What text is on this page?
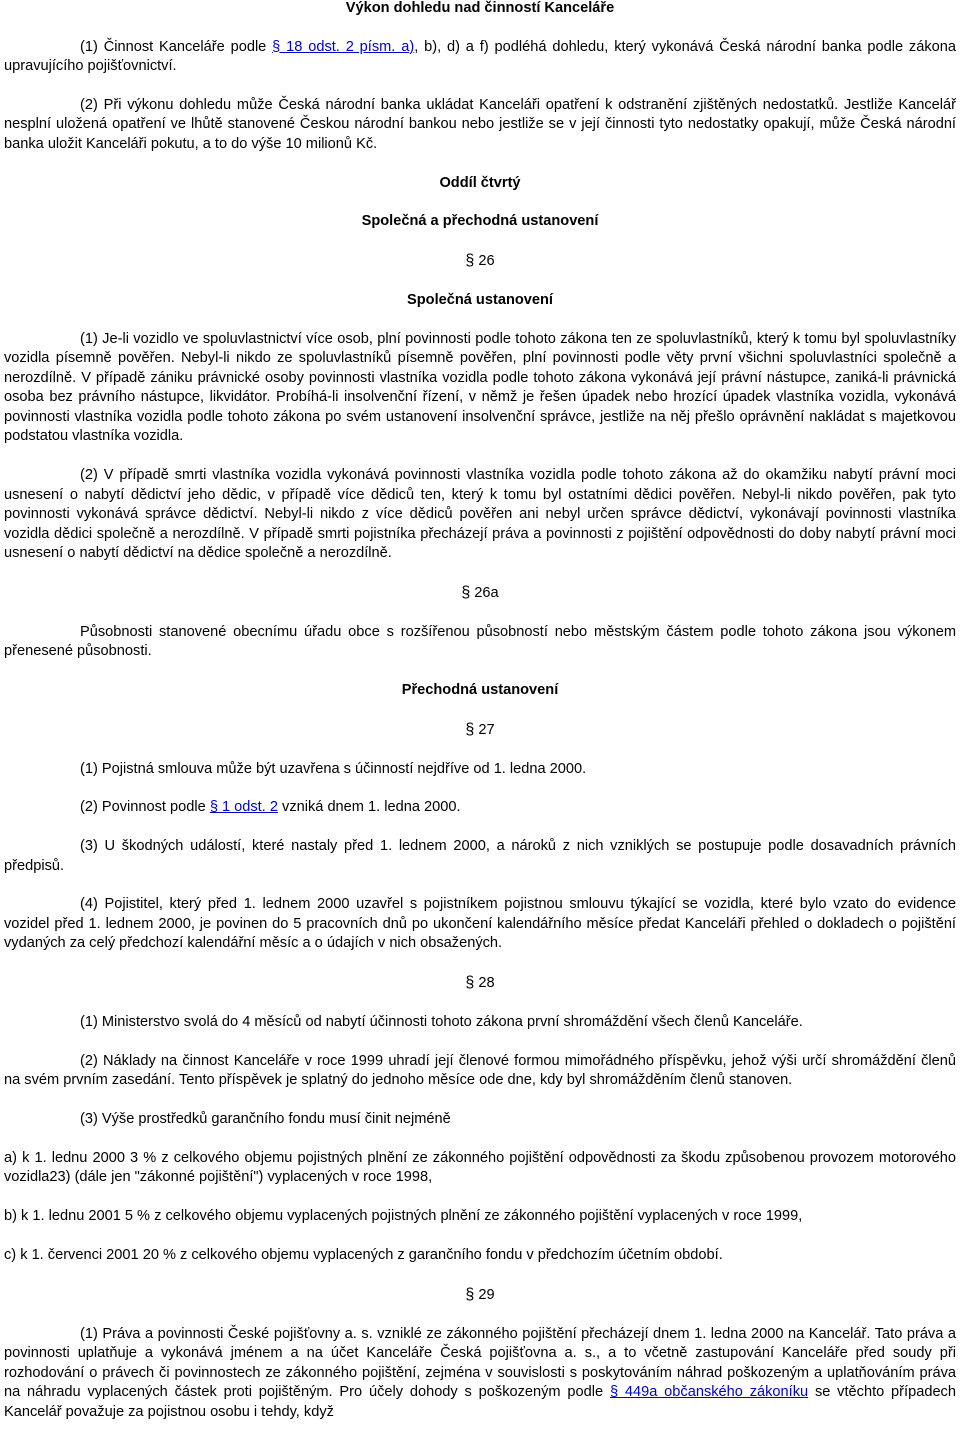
Výkon dohledu nad činností Kanceláře

(1) Činnost Kanceláře podle § 18 odst. 2 písm. a), b), d) a f) podléhá dohledu, který vykonává Česká národní banka podle zákona upravujícího pojišťovnictví.

(2) Při výkonu dohledu může Česká národní banka ukládat Kanceláři opatření k odstranění zjištěných nedostatků. Jestliže Kancelář nesplní uložená opatření ve lhůtě stanovené Českou národní bankou nebo jestliže se v její činnosti tyto nedostatky opakují, může Česká národní banka uložit Kanceláři pokutu, a to do výše 10 milionů Kč.

Oddíl čtvrtý

Společná a přechodná ustanovení

§ 26

Společná ustanovení

(1) Je-li vozidlo ve spoluvlastnictví více osob, plní povinnosti podle tohoto zákona ten ze spoluvlastníků, který k tomu byl spoluvlastníky vozidla písemně pověřen. Nebyl-li nikdo ze spoluvlastníků písemně pověřen, plní povinnosti podle věty první všichni spoluvlastníci společně a nerozdílně. V případě zániku právnické osoby povinnosti vlastníka vozidla podle tohoto zákona vykonává její právní nástupce, zaniká-li právnická osoba bez právního nástupce, likvidátor. Probíhá-li insolvenční řízení, v němž je řešen úpadek nebo hrozící úpadek vlastníka vozidla, vykonává povinnosti vlastníka vozidla podle tohoto zákona po svém ustanovení insolvenční správce, jestliže na něj přešlo oprávnění nakládat s majetkovou podstatou vlastníka vozidla.

(2) V případě smrti vlastníka vozidla vykonává povinnosti vlastníka vozidla podle tohoto zákona až do okamžiku nabytí právní moci usnesení o nabytí dědictví jeho dědic, v případě více dědiců ten, který k tomu byl ostatními dědici pověřen. Nebyl-li nikdo pověřen, pak tyto povinnosti vykonává správce dědictví. Nebyl-li nikdo z více dědiců pověřen ani nebyl určen správce dědictví, vykonávají povinnosti vlastníka vozidla dědici společně a nerozdílně. V případě smrti pojistníka přecházejí práva a povinnosti z pojištění odpovědnosti do doby nabytí právní moci usnesení o nabytí dědictví na dědice společně a nerozdílně.

§ 26a

Působnosti stanovené obecnímu úřadu obce s rozšířenou působností nebo městským částem podle tohoto zákona jsou výkonem přenesené působnosti.

Přechodná ustanovení

§ 27

(1) Pojistná smlouva může být uzavřena s účinností nejdříve od 1. ledna 2000.

(2) Povinnost podle § 1 odst. 2 vzniká dnem 1. ledna 2000.

(3) U škodných událostí, které nastaly před 1. lednem 2000, a nároků z nich vzniklých se postupuje podle dosavadních právních předpisů.

(4) Pojistitel, který před 1. lednem 2000 uzavřel s pojistníkem pojistnou smlouvu týkající se vozidla, které bylo vzato do evidence vozidel před 1. lednem 2000, je povinen do 5 pracovních dnů po ukončení kalendářního měsíce předat Kanceláři přehled o dokladech o pojištění vydaných za celý předchozí kalendářní měsíc a o údajích v nich obsažených.

§ 28

(1) Ministerstvo svolá do 4 měsíců od nabytí účinnosti tohoto zákona první shromáždění všech členů Kanceláře.

(2) Náklady na činnost Kanceláře v roce 1999 uhradí její členové formou mimořádného příspěvku, jehož výši určí shromáždění členů na svém prvním zasedání. Tento příspěvek je splatný do jednoho měsíce ode dne, kdy byl shromážděním členů stanoven.

(3) Výše prostředků garančního fondu musí činit nejméně

a) k 1. lednu 2000 3 % z celkového objemu pojistných plnění ze zákonného pojištění odpovědnosti za škodu způsobenou provozem motorového vozidla23) (dále jen "zákonné pojištění") vyplacených v roce 1998,

b) k 1. lednu 2001 5 % z celkového objemu vyplacených pojistných plnění ze zákonného pojištění vyplacených v roce 1999,

c) k 1. červenci 2001 20 % z celkového objemu vyplacených z garančního fondu v předchozím účetním období.

§ 29

(1) Práva a povinnosti České pojišťovny a. s. vzniklé ze zákonného pojištění přecházejí dnem 1. ledna 2000 na Kancelář. Tato práva a povinnosti uplatňuje a vykonává jménem a na účet Kanceláře Česká pojišťovna a. s., a to včetně zastupování Kanceláře před soudy při rozhodování o právech či povinnostech ze zákonného pojištění, zejména v souvislosti s poskytováním náhrad poškozeným a uplatňováním práva na náhradu vyplacených částek proti pojištěným. Pro účely dohody s poškozeným podle § 449a občanského zákoníku se vtěchto případech Kancelář považuje za pojistnou osobu i tehdy, když
